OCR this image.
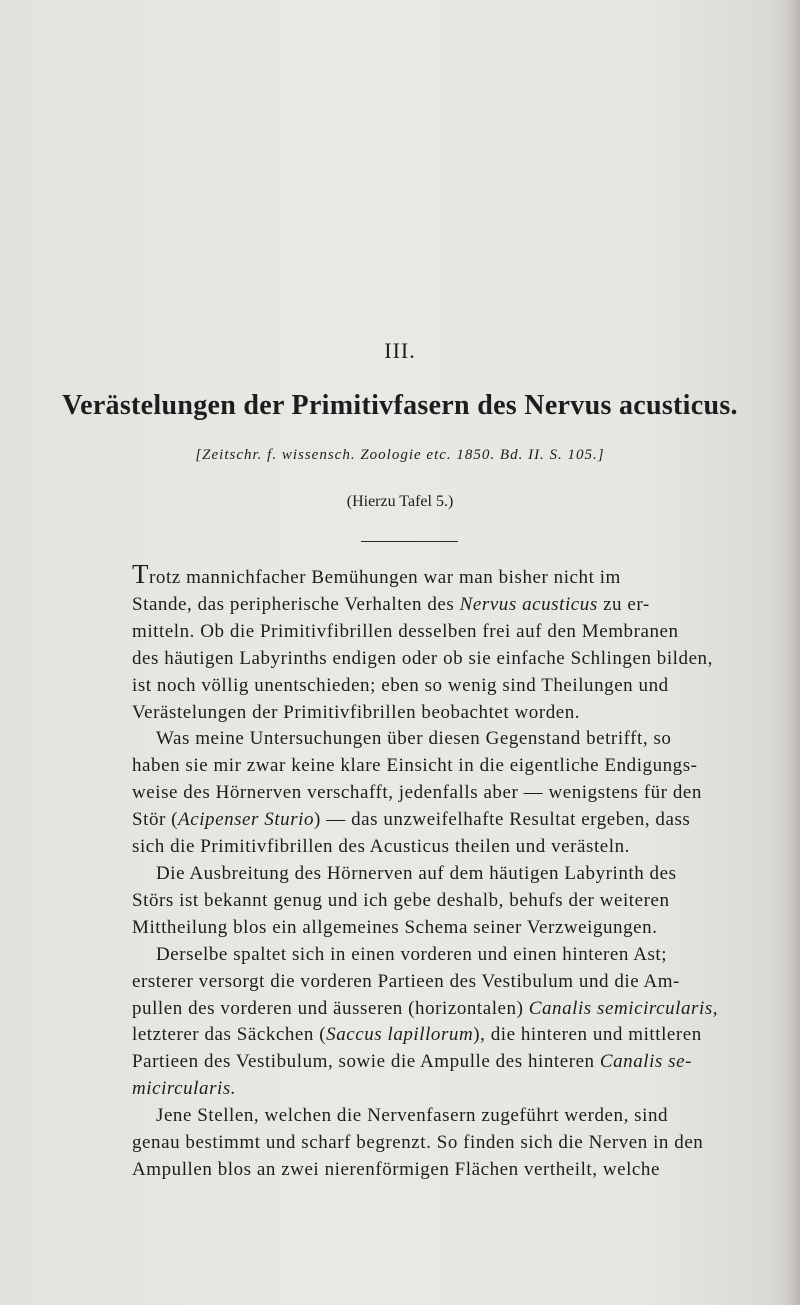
III.
Verästelungen der Primitivfasern des Nervus acusticus.
[Zeitschr. f. wissensch. Zoologie etc. 1850. Bd. II. S. 105.]
(Hierzu Tafel 5.)
Trotz mannichfacher Bemühungen war man bisher nicht im
Stande, das peripherische Verhalten des Nervus acusticus zu er-
mitteln. Ob die Primitivfibrillen desselben frei auf den Membranen
des häutigen Labyrinths endigen oder ob sie einfache Schlingen bilden,
ist noch völlig unentschieden; eben so wenig sind Theilungen und
Verästelungen der Primitivfibrillen beobachtet worden.
Was meine Untersuchungen über diesen Gegenstand betrifft, so
haben sie mir zwar keine klare Einsicht in die eigentliche Endigungs-
weise des Hörnerven verschafft, jedenfalls aber — wenigstens für den
Stör (Acipenser Sturio) — das unzweifelhafte Resultat ergeben, dass
sich die Primitivfibrillen des Acusticus theilen und verästeln.
Die Ausbreitung des Hörnerven auf dem häutigen Labyrinth des
Störs ist bekannt genug und ich gebe deshalb, behufs der weiteren
Mittheilung blos ein allgemeines Schema seiner Verzweigungen.
Derselbe spaltet sich in einen vorderen und einen hinteren Ast;
ersterer versorgt die vorderen Partieen des Vestibulum und die Am-
pullen des vorderen und äusseren (horizontalen) Canalis semicircularis,
letzterer das Säckchen (Saccus lapillorum), die hinteren und mittleren
Partieen des Vestibulum, sowie die Ampulle des hinteren Canalis se-
micircularis.
Jene Stellen, welchen die Nervenfasern zugeführt werden, sind
genau bestimmt und scharf begrenzt. So finden sich die Nerven in den
Ampullen blos an zwei nierenförmigen Flächen vertheilt, welche
